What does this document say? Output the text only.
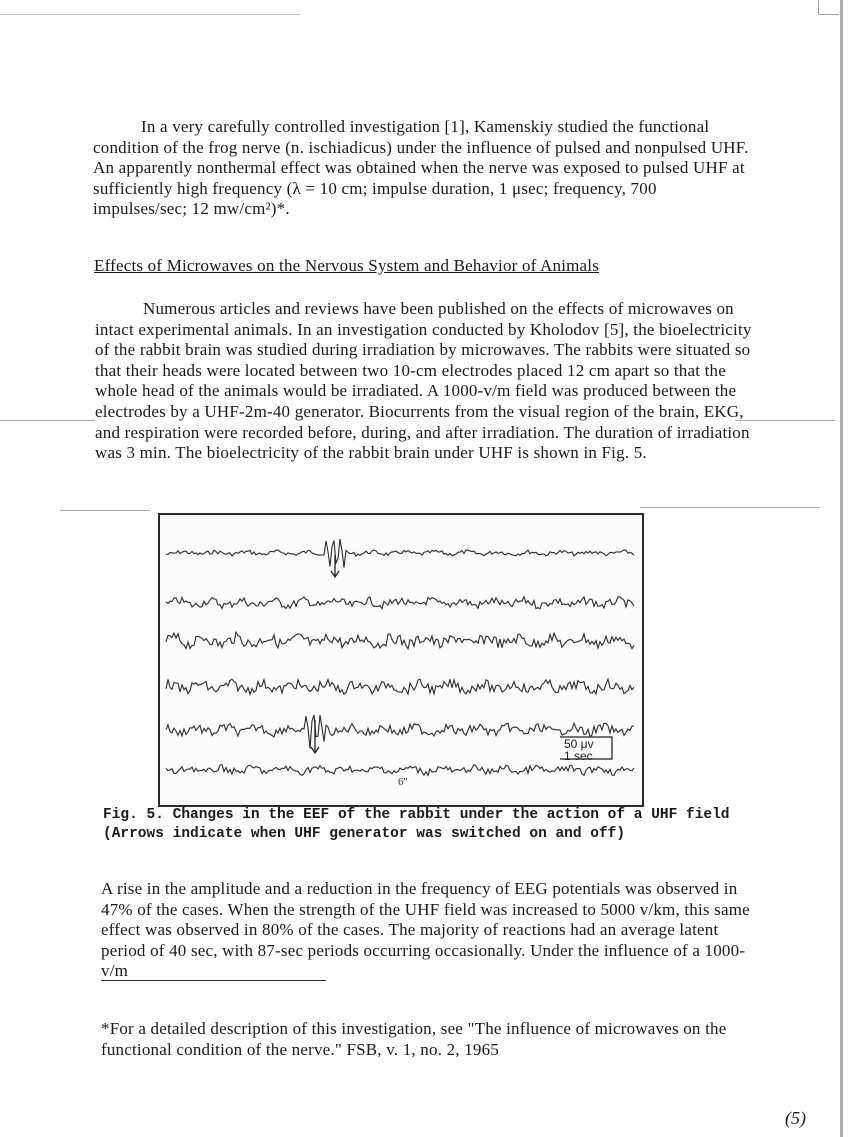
In a very carefully controlled investigation [1], Kamenskiy studied the functional condition of the frog nerve (n. ischiadicus) under the influence of pulsed and nonpulsed UHF. An apparently nonthermal effect was obtained when the nerve was exposed to pulsed UHF at sufficiently high frequency (λ = 10 cm; impulse duration, 1 μsec; frequency, 700 impulses/sec; 12 mw/cm²)*.

Effects of Microwaves on the Nervous System and Behavior of Animals

Numerous articles and reviews have been published on the effects of microwaves on intact experimental animals. In an investigation conducted by Kholodov [5], the bioelectricity of the rabbit brain was studied during irradiation by microwaves. The rabbits were situated so that their heads were located between two 10-cm electrodes placed 12 cm apart so that the whole head of the animals would be irradiated. A 1000-v/m field was produced between the electrodes by a UHF-2m-40 generator. Biocurrents from the visual region of the brain, EKG, and respiration were recorded before, during, and after irradiation. The duration of irradiation was 3 min. The bioelectricity of the rabbit brain under UHF is shown in Fig. 5.

50 μv
1 sec
6''
Fig. 5. Changes in the EEF of the rabbit under the action of a UHF field (Arrows indicate when UHF generator was switched on and off)

A rise in the amplitude and a reduction in the frequency of EEG potentials was observed in 47% of the cases. When the strength of the UHF field was increased to 5000 v/km, this same effect was observed in 80% of the cases. The majority of reactions had an average latent period of 40 sec, with 87-sec periods occurring occasionally. Under the influence of a 1000-v/m

*For a detailed description of this investigation, see "The influence of microwaves on the functional condition of the nerve." FSB, v. 1, no. 2, 1965

(5)
